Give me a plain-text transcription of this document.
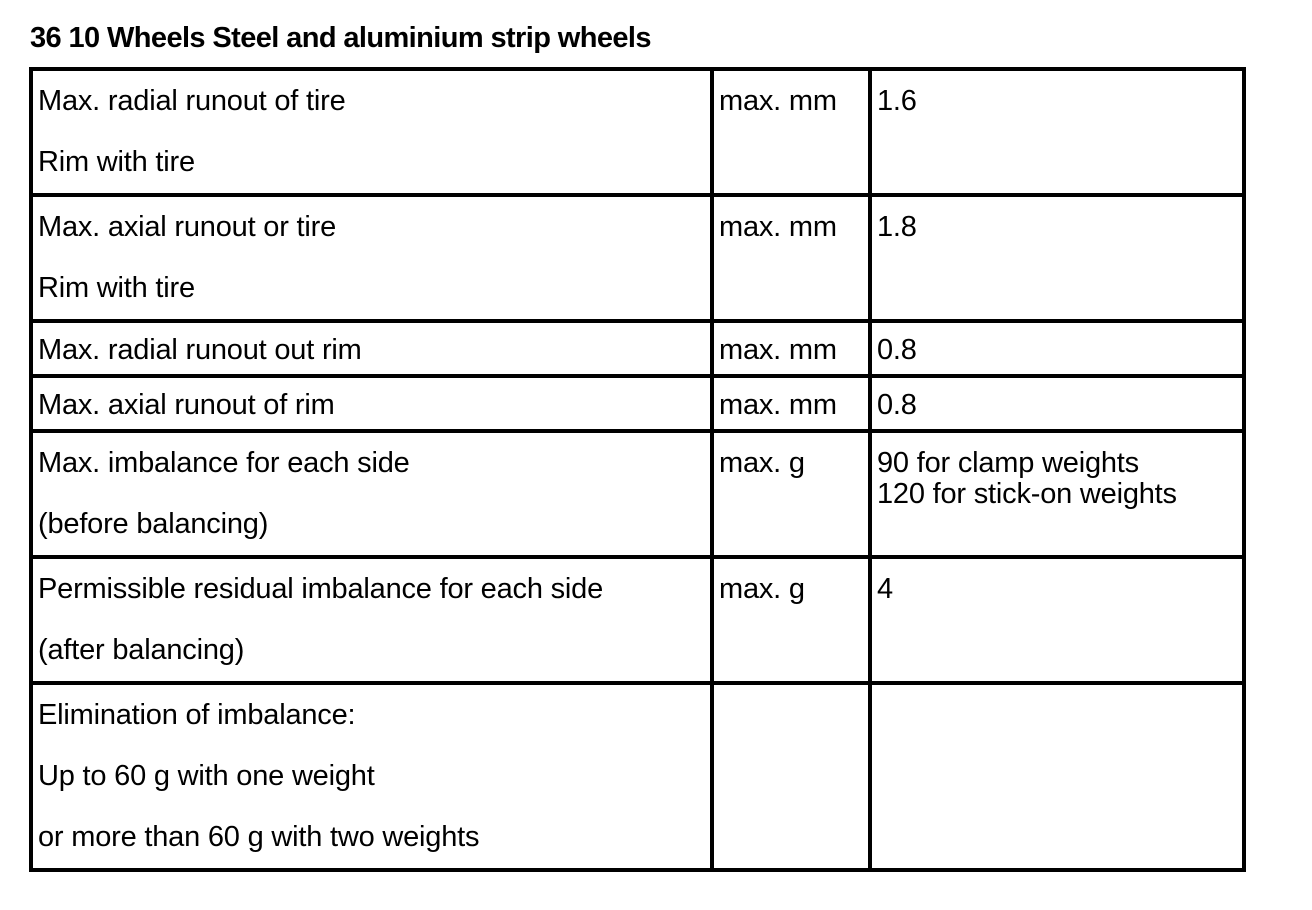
36 10 Wheels Steel and aluminium strip wheels
Max. radial runout of tire
Rim with tire	max. mm	1.6

Max. axial runout or tire
Rim with tire	max. mm	1.8

Max. radial runout out rim	max. mm	0.8

Max. axial runout of rim	max. mm	0.8

Max. imbalance for each side
(before balancing)	max. g	90 for clamp weights
120 for stick-on weights

Permissible residual imbalance for each side
(after balancing)	max. g	4

Elimination of imbalance:
Up to 60 g with one weight
or more than 60 g with two weights		
